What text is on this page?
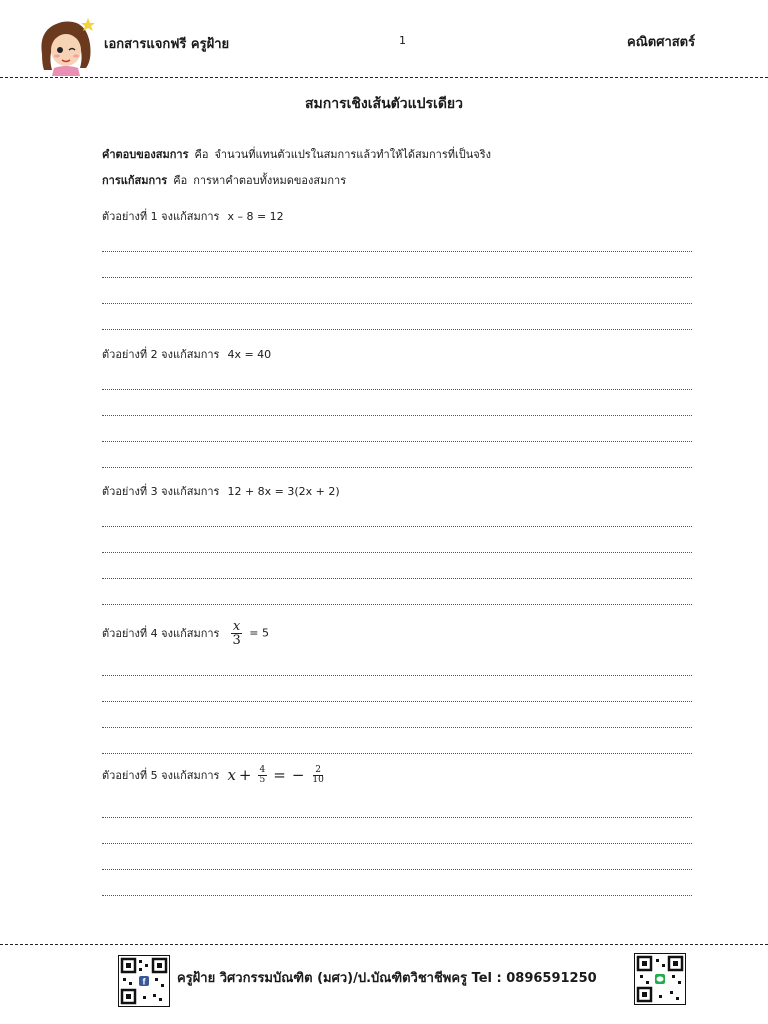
เอกสารแจกฟรี ครูฝ้าย	1	คณิตศาสตร์
สมการเชิงเส้นตัวแปรเดียว
คำตอบของสมการ คือ จำนวนที่แทนตัวแปรในสมการแล้วทำให้ได้สมการที่เป็นจริง
การแก้สมการ คือ การหาคำตอบทั้งหมดของสมการ
ตัวอย่างที่ 1 จงแก้สมการ x – 8 = 12
ตัวอย่างที่ 2 จงแก้สมการ 4x = 40
ตัวอย่างที่ 3 จงแก้สมการ 12 + 8x = 3(2x + 2)
ตัวอย่างที่ 4 จงแก้สมการ $\frac{x}{3} = 5$
ตัวอย่างที่ 5 จงแก้สมการ $x + \frac{4}{5}$ = − $\frac{2}{10}$
f ครูฝ้าย วิศวกรรมบัณฑิต (มศว)/ป.บัณฑิตวิชาชีพครู Tel : 0896591250
